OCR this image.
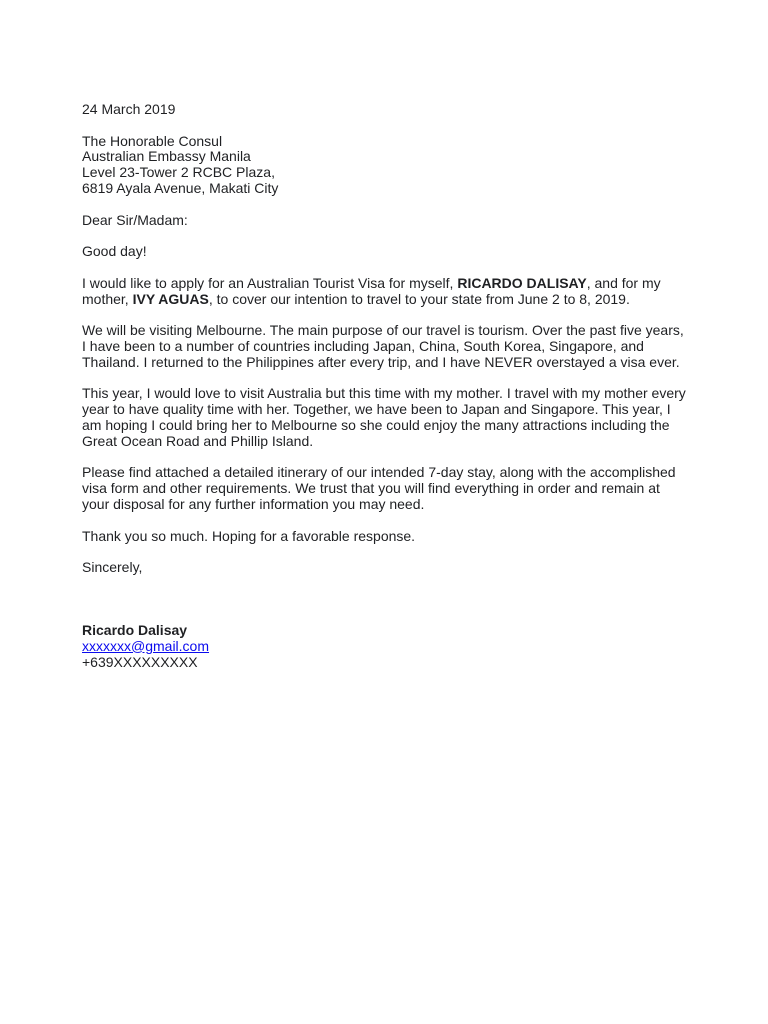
24 March 2019
The Honorable Consul
Australian Embassy Manila
Level 23-Tower 2 RCBC Plaza,
6819 Ayala Avenue, Makati City
Dear Sir/Madam:
Good day!

I would like to apply for an Australian Tourist Visa for myself, RICARDO DALISAY, and for my mother, IVY AGUAS, to cover our intention to travel to your state from June 2 to 8, 2019.

We will be visiting Melbourne. The main purpose of our travel is tourism. Over the past five years, I have been to a number of countries including Japan, China, South Korea, Singapore, and Thailand. I returned to the Philippines after every trip, and I have NEVER overstayed a visa ever.

This year, I would love to visit Australia but this time with my mother. I travel with my mother every year to have quality time with her. Together, we have been to Japan and Singapore. This year, I am hoping I could bring her to Melbourne so she could enjoy the many attractions including the Great Ocean Road and Phillip Island.

Please find attached a detailed itinerary of our intended 7-day stay, along with the accomplished visa form and other requirements. We trust that you will find everything in order and remain at your disposal for any further information you may need.

Thank you so much. Hoping for a favorable response.

Sincerely,

Ricardo Dalisay
xxxxxxx@gmail.com
+639XXXXXXXXX
